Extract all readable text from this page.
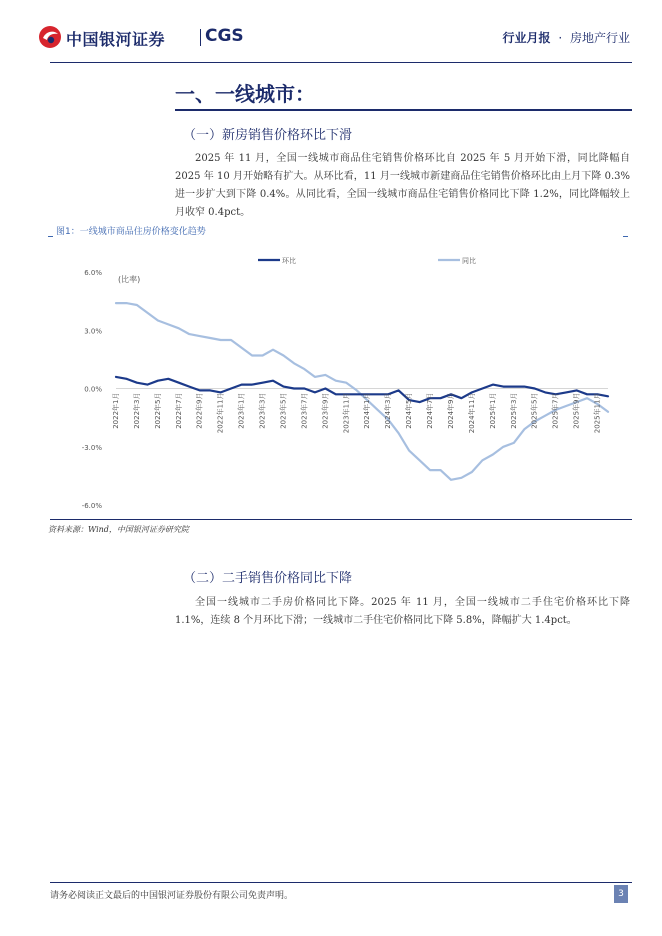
中国银河证券 CGS	行业月报 · 房地产行业
一、一线城市：
（一）新房销售价格环比下滑

2025 年 11 月，全国一线城市商品住宅销售价格环比自 2025 年 5 月开始下滑，同比降幅自 2025 年 10 月开始略有扩大。从环比看，11 月一线城市新建商品住宅销售价格环比由上月下降 0.3%进一步扩大到下降 0.4%。从同比看，全国一线城市商品住宅销售价格同比下降 1.2%，同比降幅较上月收窄 0.4pct。

图1：一线城市商品住房价格变化趋势
环比	同比
(比率)
6.0%
3.0%
0.0%
-3.0%
-6.0%
2022年1月 2022年3月 2022年5月 2022年7月 2022年9月 2022年11月 2023年1月 2023年3月 2023年5月 2023年7月 2023年9月 2023年11月 2024年1月 2024年3月 2024年5月 2024年7月 2024年9月 2024年11月 2025年1月 2025年3月 2025年5月 2025年7月 2025年9月 2025年11月
资料来源：Wind，中国银河证券研究院
（二）二手销售价格同比下降

全国一线城市二手房价格同比下降。2025 年 11 月，全国一线城市二手住宅价格环比下降 1.1%，连续 8 个月环比下滑；一线城市二手住宅价格同比下降 5.8%，降幅扩大 1.4pct。

请务必阅读正文最后的中国银河证券股份有限公司免责声明。	3
